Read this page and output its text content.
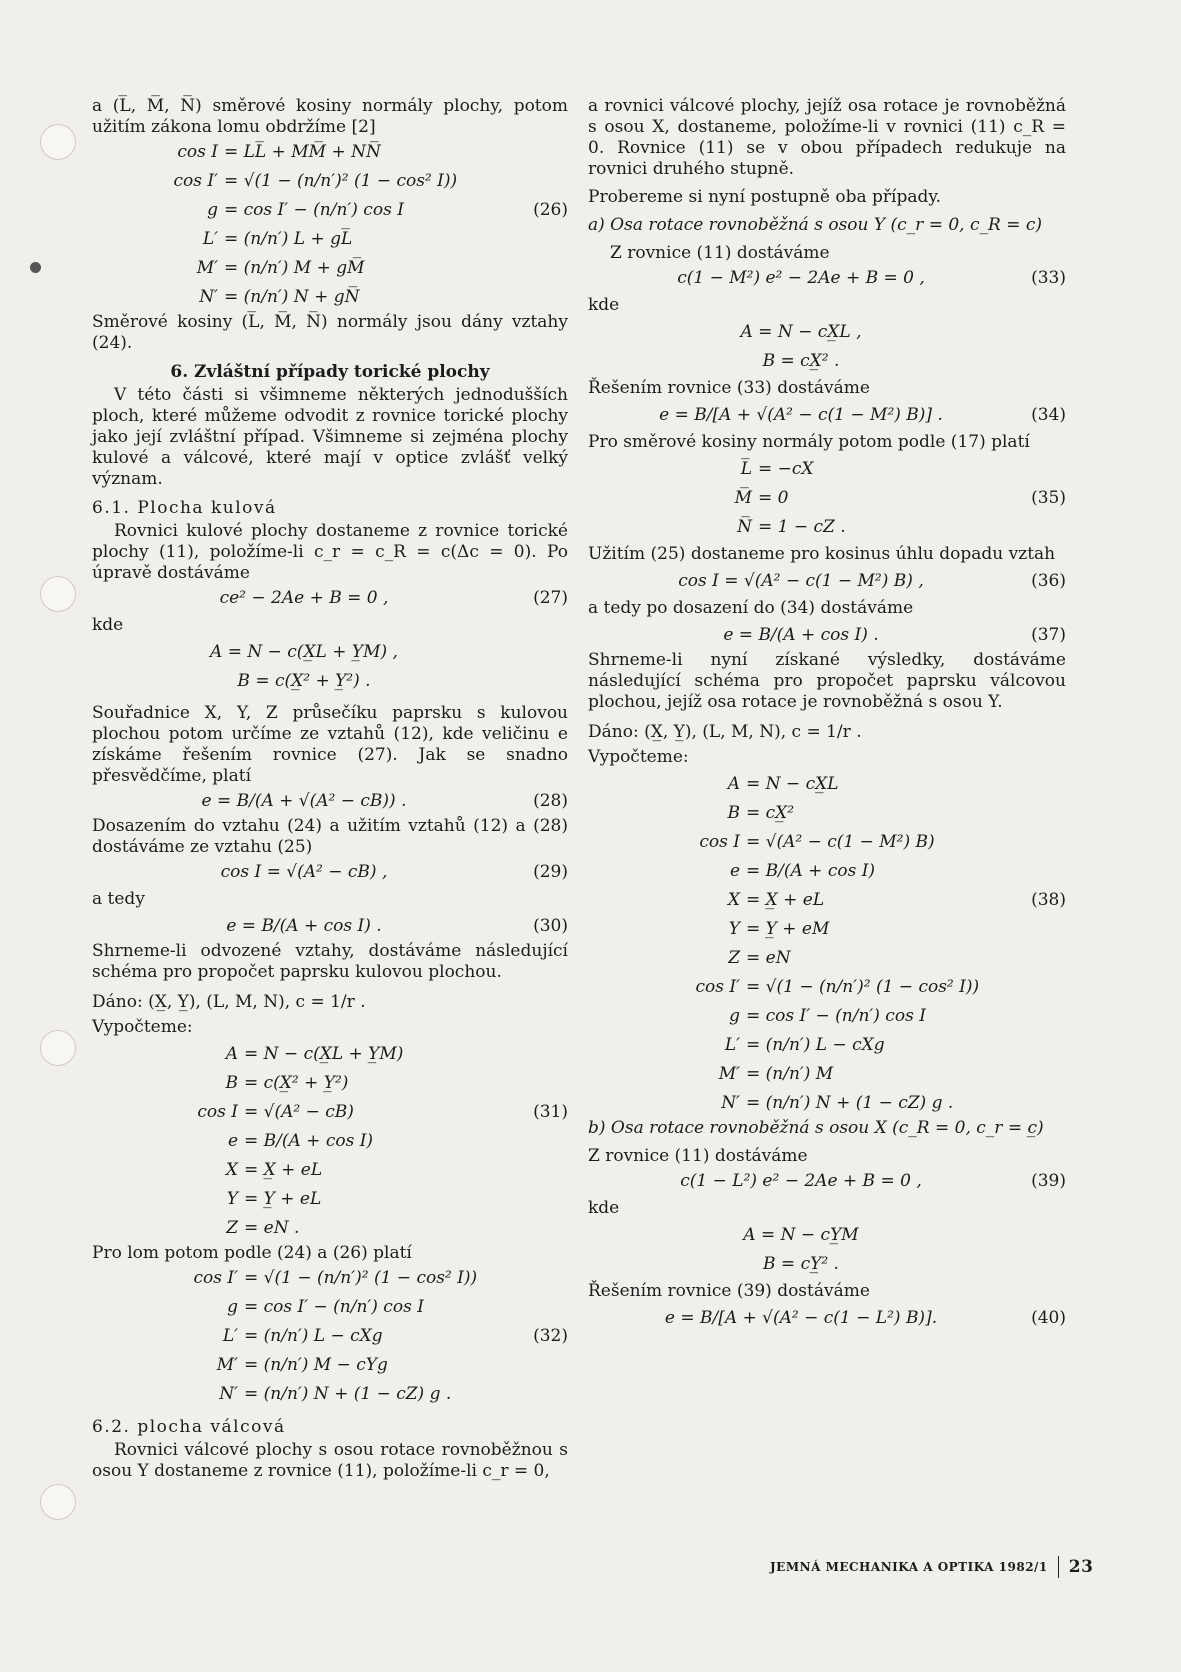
a (L̅, M̅, N̅) směrové kosiny normály plochy, potom užitím zákona lomu obdržíme [2]

cos I	= LL̅ + MM̅ + NN̅	
cos I′	= √(1 − (n/n′)² (1 − cos² I))	
g	= cos I′ − (n/n′) cos I	(26)
L′	= (n/n′) L + gL̅	
M′	= (n/n′) M + gM̅	
N′	= (n/n′) N + gN̅	

Směrové kosiny (L̅, M̅, N̅) normály jsou dány vztahy (24).

6. Zvláštní případy torické plochy

V této části si všimneme některých jednodušších ploch, které můžeme odvodit z rovnice torické plochy jako její zvláštní případ. Všimneme si zejména plochy kulové a válcové, které mají v optice zvlášť velký význam.

6.1. Plocha kulová

Rovnici kulové plochy dostaneme z rovnice torické plochy (11), položíme-li c_r = c_R = c(Δc = 0). Po úpravě dostáváme

ce² − 2Ae + B = 0 ,	(27)

kde

A = N − c(X̲L + Y̲M) ,
B = c(X̲² + Y̲²) .

Souřadnice X, Y, Z průsečíku paprsku s kulovou plochou potom určíme ze vztahů (12), kde veličinu e získáme řešením rovnice (27). Jak se snadno přesvědčíme, platí

e = B/(A + √(A² − cB)) .	(28)

Dosazením do vztahu (24) a užitím vztahů (12) a (28) dostáváme ze vztahu (25)

cos I = √(A² − cB) ,	(29)

a tedy

e = B/(A + cos I) .	(30)

Shrneme-li odvozené vztahy, dostáváme následující schéma pro propočet paprsku kulovou plochou.

Dáno: (X̲, Y̲), (L, M, N), c = 1/r .

Vypočteme:

A	= N − c(X̲L + Y̲M)	
B	= c(X̲² + Y̲²)	
cos I	= √(A² − cB)	(31)
e	= B/(A + cos I)	
X	= X̲ + eL	
Y	= Y̲ + eL	
Z	= eN .	

Pro lom potom podle (24) a (26) platí

cos I′	= √(1 − (n/n′)² (1 − cos² I))	
g	= cos I′ − (n/n′) cos I	
L′	= (n/n′) L − cXg	(32)
M′	= (n/n′) M − cYg	
N′	= (n/n′) N + (1 − cZ) g .	

6.2. plocha válcová

Rovnici válcové plochy s osou rotace rovnoběžnou s osou Y dostaneme z rovnice (11), položíme-li c_r = 0,

a rovnici válcové plochy, jejíž osa rotace je rovnoběžná s osou X, dostaneme, položíme-li v rovnici (11) c_R = 0. Rovnice (11) se v obou případech redukuje na rovnici druhého stupně.

Probereme si nyní postupně oba případy.

a) Osa rotace rovnoběžná s osou Y (c_r = 0, c_R = c)

Z rovnice (11) dostáváme

c(1 − M²) e² − 2Ae + B = 0 ,	(33)

kde

A = N − cX̲L ,
B = cX̲² .

Řešením rovnice (33) dostáváme

e = B/[A + √(A² − c(1 − M²) B)] .	(34)

Pro směrové kosiny normály potom podle (17) platí

L̅	= −cX	
M̅	= 0	(35)
N̅	= 1 − cZ .	

Užitím (25) dostaneme pro kosinus úhlu dopadu vztah

cos I = √(A² − c(1 − M²) B) ,	(36)

a tedy po dosazení do (34) dostáváme

e = B/(A + cos I) .	(37)

Shrneme-li nyní získané výsledky, dostáváme následující schéma pro propočet paprsku válcovou plochou, jejíž osa rotace je rovnoběžná s osou Y.

Dáno: (X̲, Y̲), (L, M, N), c = 1/r .

Vypočteme:

A	= N − cX̲L	
B	= cX̲²	
cos I	= √(A² − c(1 − M²) B)	
e	= B/(A + cos I)	
X	= X̲ + eL	(38)
Y	= Y̲ + eM	
Z	= eN	
cos I′	= √(1 − (n/n′)² (1 − cos² I))	
g	= cos I′ − (n/n′) cos I	
L′	= (n/n′) L − cXg	
M′	= (n/n′) M	
N′	= (n/n′) N + (1 − cZ) g .	

b) Osa rotace rovnoběžná s osou X (c_R = 0, c_r = c̲)

Z rovnice (11) dostáváme

c(1 − L²) e² − 2Ae + B = 0 ,	(39)

kde

A = N − cY̲M
B = cY̲² .

Řešením rovnice (39) dostáváme

e = B/[A + √(A² − c(1 − L²) B)].	(40)
JEMNÁ MECHANIKA A OPTIKA 1982/1 23
